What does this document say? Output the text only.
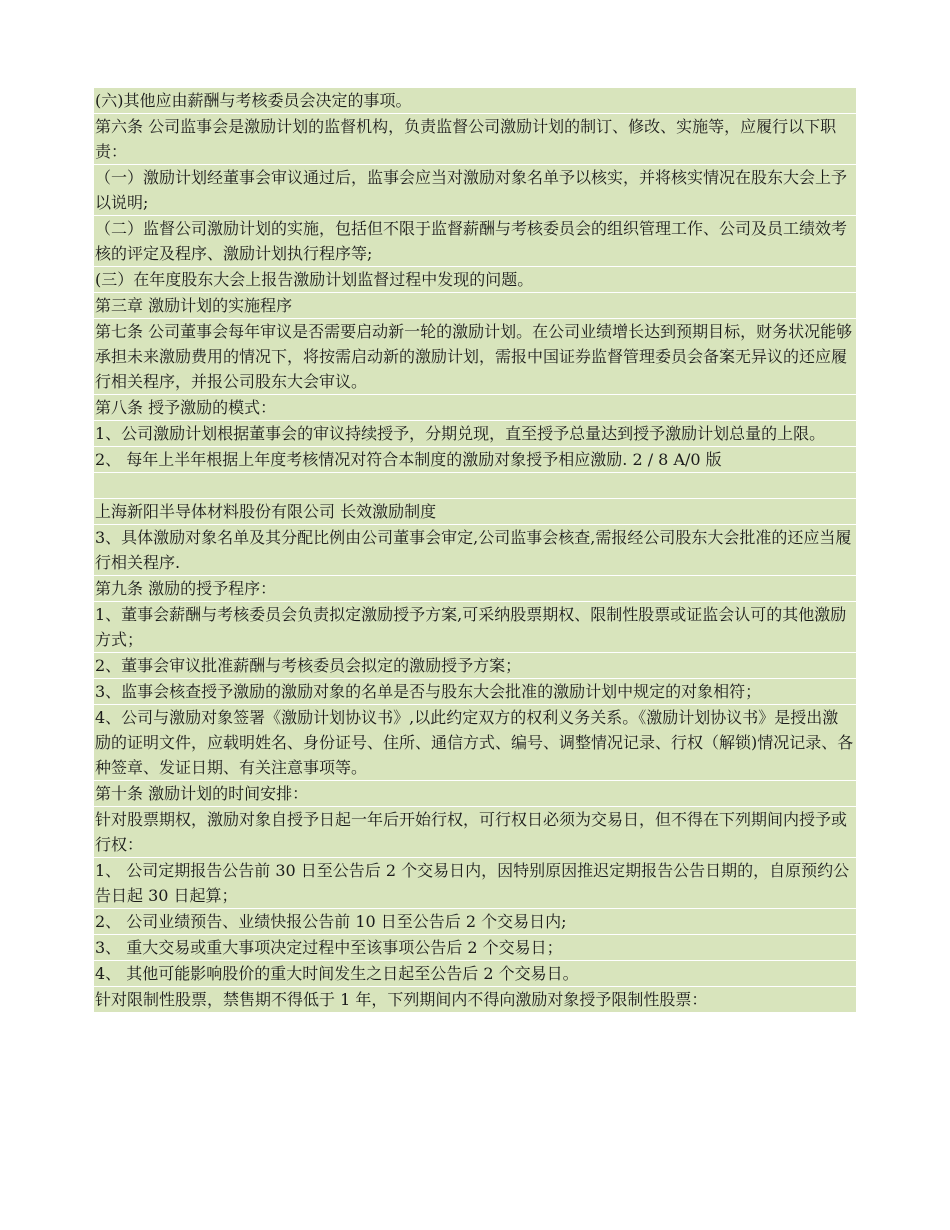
(六)其他应由薪酬与考核委员会决定的事项。
第六条 公司监事会是激励计划的监督机构，负责监督公司激励计划的制订、修改、实施等，应履行以下职责：
（一）激励计划经董事会审议通过后，监事会应当对激励对象名单予以核实，并将核实情况在股东大会上予以说明;
（二）监督公司激励计划的实施，包括但不限于监督薪酬与考核委员会的组织管理工作、公司及员工绩效考核的评定及程序、激励计划执行程序等;
(三）在年度股东大会上报告激励计划监督过程中发现的问题。
第三章 激励计划的实施程序
第七条 公司董事会每年审议是否需要启动新一轮的激励计划。在公司业绩增长达到预期目标，财务状况能够承担未来激励费用的情况下，将按需启动新的激励计划，需报中国证券监督管理委员会备案无异议的还应履行相关程序，并报公司股东大会审议。
第八条 授予激励的模式：
1、公司激励计划根据董事会的审议持续授予，分期兑现，直至授予总量达到授予激励计划总量的上限。
2、 每年上半年根据上年度考核情况对符合本制度的激励对象授予相应激励. 2 / 8 A/0 版
上海新阳半导体材料股份有限公司 长效激励制度
3、具体激励对象名单及其分配比例由公司董事会审定,公司监事会核查,需报经公司股东大会批准的还应当履行相关程序.
第九条 激励的授予程序：
1、董事会薪酬与考核委员会负责拟定激励授予方案,可采纳股票期权、限制性股票或证监会认可的其他激励方式；
2、董事会审议批准薪酬与考核委员会拟定的激励授予方案；
3、监事会核查授予激励的激励对象的名单是否与股东大会批准的激励计划中规定的对象相符；
4、公司与激励对象签署《激励计划协议书》,以此约定双方的权利义务关系。《激励计划协议书》是授出激励的证明文件，应载明姓名、身份证号、住所、通信方式、编号、调整情况记录、行权（解锁)情况记录、各种签章、发证日期、有关注意事项等。
第十条 激励计划的时间安排：
针对股票期权，激励对象自授予日起一年后开始行权，可行权日必须为交易日，但不得在下列期间内授予或行权：
1、 公司定期报告公告前 30 日至公告后 2 个交易日内，因特别原因推迟定期报告公告日期的，自原预约公告日起 30 日起算；
2、 公司业绩预告、业绩快报公告前 10 日至公告后 2 个交易日内;
3、 重大交易或重大事项决定过程中至该事项公告后 2 个交易日；
4、 其他可能影响股价的重大时间发生之日起至公告后 2 个交易日。
针对限制性股票，禁售期不得低于 1 年，下列期间内不得向激励对象授予限制性股票：
